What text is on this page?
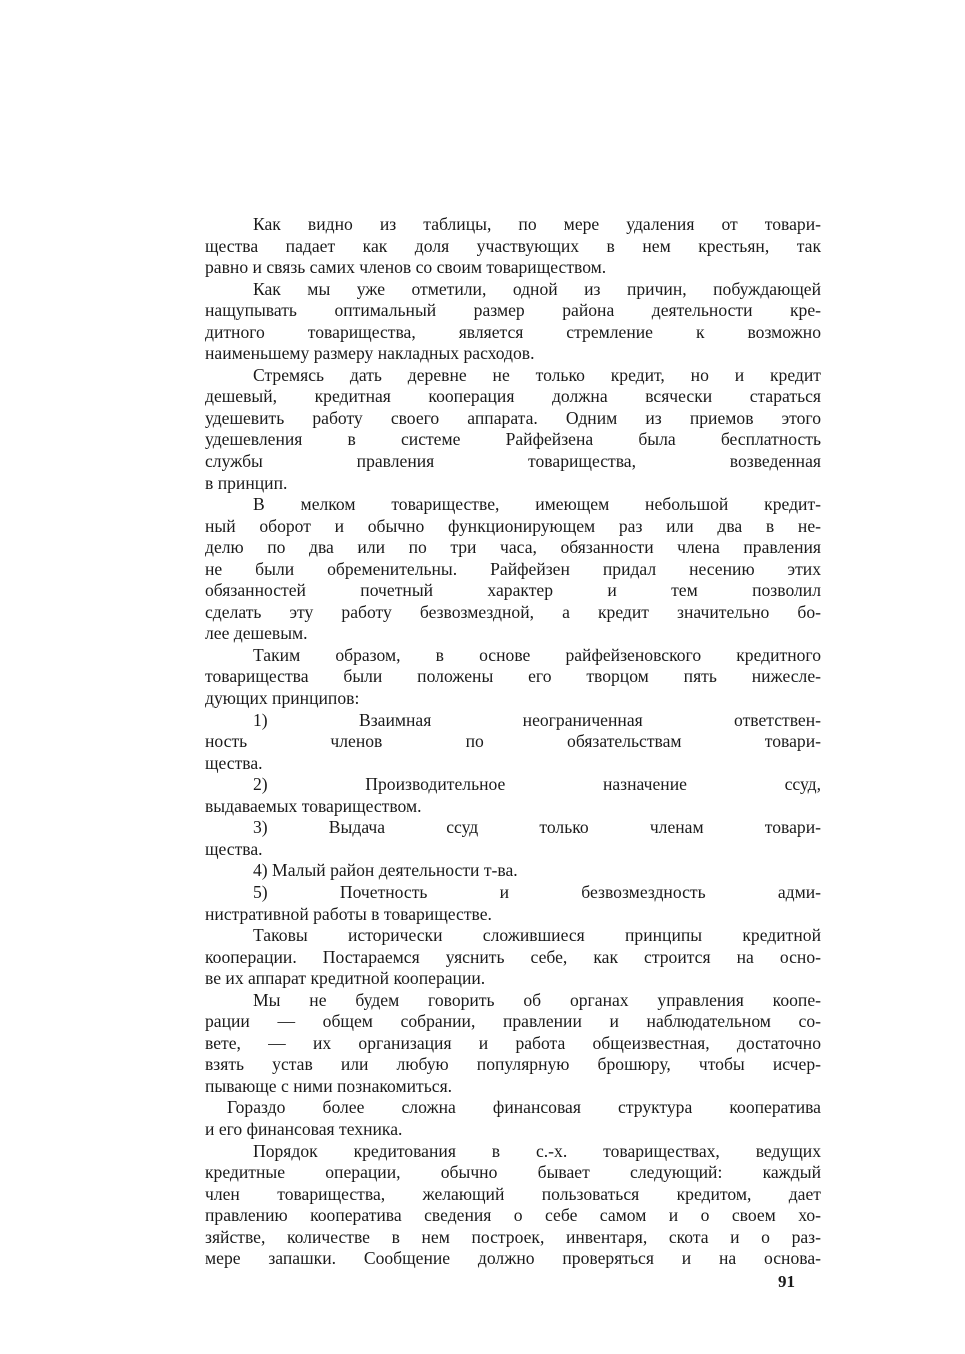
Как видно из таблицы, по мере удаления от товари-
щества падает как доля участвующих в нем крестьян, так
равно и связь самих членов со своим товариществом.
Как мы уже отметили, одной из причин, побуждающей
нащупывать оптимальный размер района деятельности кре-
дитного товарищества, является стремление к возможно
наименьшему размеру накладных расходов.
Стремясь дать деревне не только кредит, но и кредит
дешевый, кредитная кооперация должна всячески стараться
удешевить работу своего аппарата. Одним из приемов этого
удешевления в системе Райфейзена была бесплатность
службы правления товарищества, возведенная
в принцип.
В мелком товариществе, имеющем небольшой кредит-
ный оборот и обычно функционирующем раз или два в не-
делю по два или по три часа, обязанности члена правления
не были обременительны. Райфейзен придал несению этих
обязанностей почетный характер и тем позволил
сделать эту работу безвозмездной, а кредит значительно бо-
лее дешевым.
Таким образом, в основе райфейзеновского кредитного
товарищества были положены его творцом пять нижесле-
дующих принципов:
1) Взаимная неограниченная ответствен-
ность членов по обязательствам товари-
щества.
2) Производительное назначение ссуд,
выдаваемых товариществом.
3) Выдача ссуд только членам товари-
щества.
4) Малый район деятельности т-ва.
5) Почетность и безвозмездность адми-
нистративной работы в товариществе.
Таковы исторически сложившиеся принципы кредитной
кооперации. Постараемся уяснить себе, как строится на осно-
ве их аппарат кредитной кооперации.
Мы не будем говорить об органах управления коопе-
рации — общем собрании, правлении и наблюдательном со-
вете, — их организация и работа общеизвестная, достаточно
взять устав или любую популярную брошюру, чтобы исчер-
пывающе с ними познакомиться.
Гораздо более сложна финансовая структура кооператива
и его финансовая техника.
Порядок кредитования в с.-х. товариществах, ведущих
кредитные операции, обычно бывает следующий: каждый
член товарищества, желающий пользоваться кредитом, дает
правлению кооператива сведения о себе самом и о своем хо-
зяйстве, количестве в нем построек, инвентаря, скота и о раз-
мере запашки. Сообщение должно проверяться и на основа-
91
